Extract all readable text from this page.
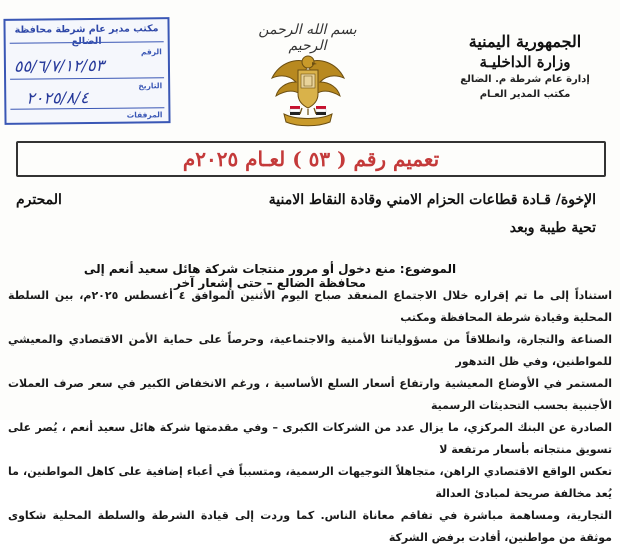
مكتب مدير عام شرطة محافظة
الرقم
٥٥/٦/٧/١٢/٥٣
التاريخ
٢٠٢٥/٨/٤
المرفقات
بسم الله الرحمن الرحيم	الجمهورية اليمنية
وزارة الداخليـة
إدارة عام شرطة م. الضالع
مكتب المدير العـام
تعميم رقم ( ٥٣ ) لعـام ٢٠٢٥م
الإخوة/ قـادة قطاعات الحزام الامني وقادة النقاط الامنية
المحترم
تحية طيبة وبعد
الموضوع: منع دخول أو مرور منتجات شركة هائل سعيد أنعم إلى محافظة الضالع – حتى إشعار آخر

استناداً إلى ما تم إقراره خلال الاجتماع المنعقد صباح اليوم الأثنين الموافق ٤ أغسطس ٢٠٢٥م، بين السلطة المحلية وقيادة شرطة المحافظة ومكتب

الصناعة والتجارة، وانطلاقاً من مسؤولياتنا الأمنية والاجتماعية، وحرصاً على حماية الأمن الاقتصادي والمعيشي للمواطنين، وفي ظل التدهور

المستمر في الأوضاع المعيشية وارتفاع أسعار السلع الأساسية ، ورغم الانخفاض الكبير في سعر صرف العملات الأجنبية بحسب التحديثات الرسمية

الصادرة عن البنك المركزي، ما يزال عدد من الشركات الكبرى – وفي مقدمتها شركة هائل سعيد أنعم ، يُصر على تسويق منتجاته بأسعار مرتفعة لا

تعكس الواقع الاقتصادي الراهن، متجاهلاً التوجيهات الرسمية، ومتسبباً في أعباء إضافية على كاهل المواطنين، ما يُعد مخالفة صريحة لمبادئ العدالة

التجارية، ومساهمة مباشرة في تفاقم معاناة الناس. كما وردت إلى قيادة الشرطة والسلطة المحلية شكاوى موثقة من مواطنين، أفادت برفض الشركة
